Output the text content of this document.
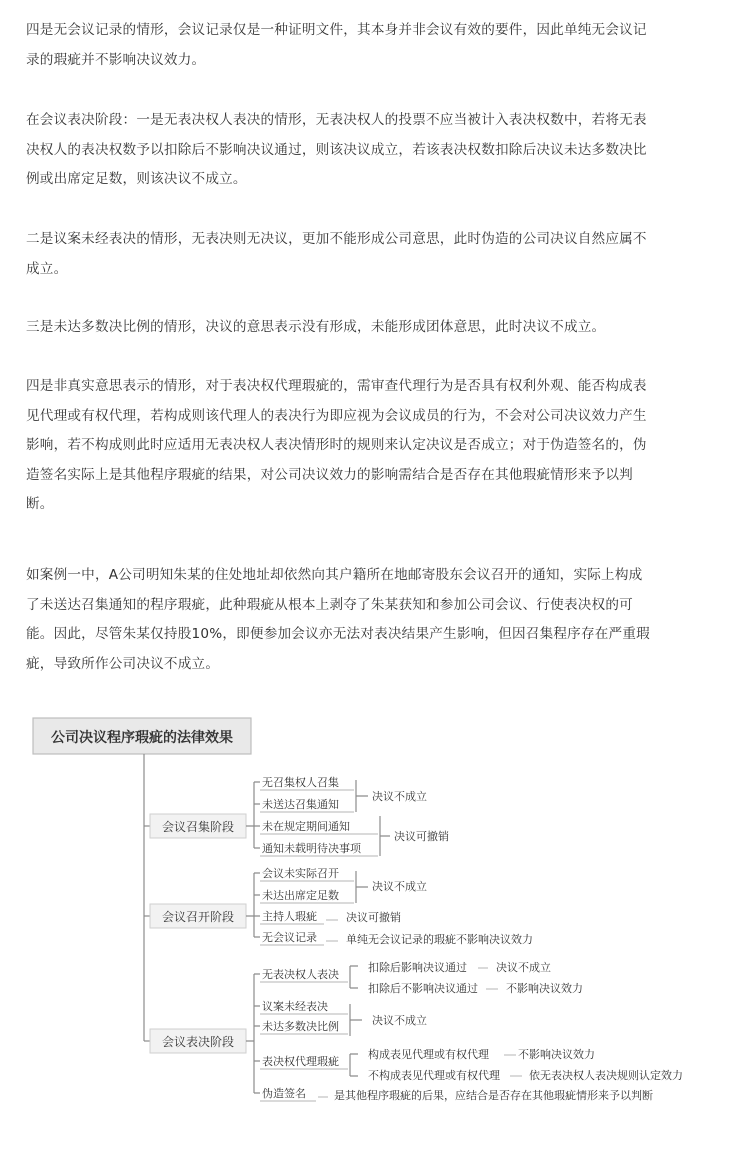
四是无会议记录的情形，会议记录仅是一种证明文件，其本身并非会议有效的要件，因此单纯无会议记
录的瑕疵并不影响决议效力。
在会议表决阶段：一是无表决权人表决的情形，无表决权人的投票不应当被计入表决权数中，若将无表
决权人的表决权数予以扣除后不影响决议通过，则该决议成立，若该表决权数扣除后决议未达多数决比
例或出席定足数，则该决议不成立。
二是议案未经表决的情形，无表决则无决议，更加不能形成公司意思，此时伪造的公司决议自然应属不
成立。
三是未达多数决比例的情形，决议的意思表示没有形成，未能形成团体意思，此时决议不成立。
四是非真实意思表示的情形，对于表决权代理瑕疵的，需审查代理行为是否具有权利外观、能否构成表
见代理或有权代理，若构成则该代理人的表决行为即应视为会议成员的行为，不会对公司决议效力产生
影响，若不构成则此时应适用无表决权人表决情形时的规则来认定决议是否成立；对于伪造签名的，伪
造签名实际上是其他程序瑕疵的结果，对公司决议效力的影响需结合是否存在其他瑕疵情形来予以判
断。
如案例一中，A公司明知朱某的住处地址却依然向其户籍所在地邮寄股东会议召开的通知，实际上构成
了未送达召集通知的程序瑕疵，此种瑕疵从根本上剥夺了朱某获知和参加公司会议、行使表决权的可
能。因此，尽管朱某仅持股10%，即便参加会议亦无法对表决结果产生影响，但因召集程序存在严重瑕
疵，导致所作公司决议不成立。
公司决议程序瑕疵的法律效果
会议召集阶段
会议召开阶段
会议表决阶段
无召集权人召集
未送达召集通知
未在规定期间通知
通知未载明待决事项
决议不成立
决议可撤销
会议未实际召开
未达出席定足数
主持人瑕疵
无会议记录
决议不成立
决议可撤销
单纯无会议记录的瑕疵不影响决议效力
无表决权人表决
议案未经表决
未达多数决比例
表决权代理瑕疵
伪造签名
扣除后影响决议通过
扣除后不影响决议通过
决议不成立
不影响决议效力
决议不成立
构成表见代理或有权代理
不构成表见代理或有权代理
不影响决议效力
依无表决权人表决规则认定效力
是其他程序瑕疵的后果，应结合是否存在其他瑕疵情形来予以判断
